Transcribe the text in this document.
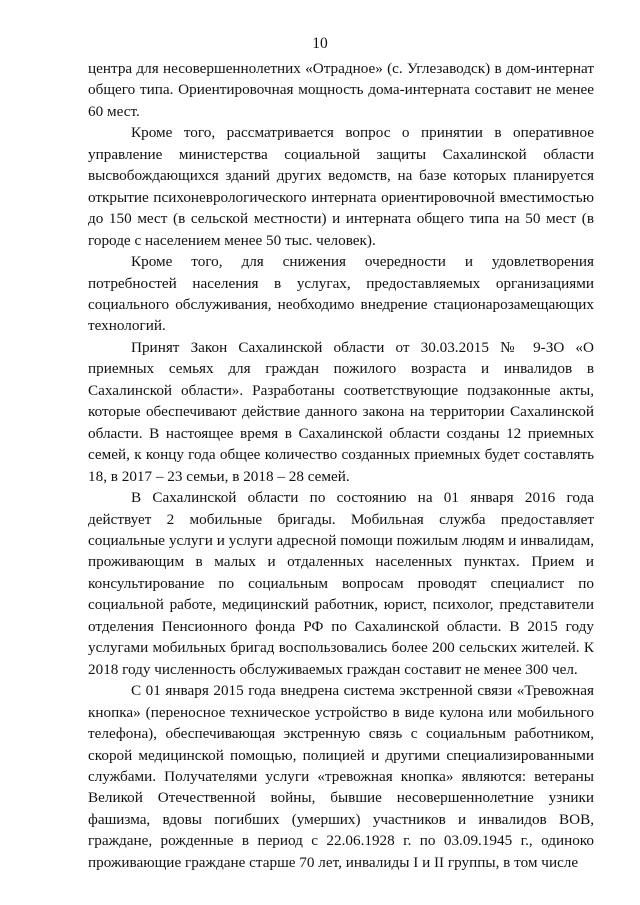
10

центра для несовершеннолетних «Отрадное» (с. Углезаводск) в дом-интернат общего типа. Ориентировочная мощность дома-интерната составит не менее 60 мест.

Кроме того, рассматривается вопрос о принятии в оперативное управление министерства социальной защиты Сахалинской области высвобождающихся зданий других ведомств, на базе которых планируется открытие психоневрологического интерната ориентировочной вместимостью до 150 мест (в сельской местности) и интерната общего типа на 50 мест (в городе с населением менее 50 тыс. человек).

Кроме того, для снижения очередности и удовлетворения потребностей населения в услугах, предоставляемых организациями социального обслуживания, необходимо внедрение стационарозамещающих технологий.

Принят Закон Сахалинской области от 30.03.2015 № 9-ЗО «О приемных семьях для граждан пожилого возраста и инвалидов в Сахалинской области». Разработаны соответствующие подзаконные акты, которые обеспечивают действие данного закона на территории Сахалинской области. В настоящее время в Сахалинской области созданы 12 приемных семей, к концу года общее количество созданных приемных будет составлять 18, в 2017 – 23 семьи, в 2018 – 28 семей.

В Сахалинской области по состоянию на 01 января 2016 года действует 2 мобильные бригады. Мобильная служба предоставляет социальные услуги и услуги адресной помощи пожилым людям и инвалидам, проживающим в малых и отдаленных населенных пунктах. Прием и консультирование по социальным вопросам проводят специалист по социальной работе, медицинский работник, юрист, психолог, представители отделения Пенсионного фонда РФ по Сахалинской области. В 2015 году услугами мобильных бригад воспользовались более 200 сельских жителей. К 2018 году численность обслуживаемых граждан составит не менее 300 чел.

С 01 января 2015 года внедрена система экстренной связи «Тревожная кнопка» (переносное техническое устройство в виде кулона или мобильного телефона), обеспечивающая экстренную связь с социальным работником, скорой медицинской помощью, полицией и другими специализированными службами. Получателями услуги «тревожная кнопка» являются: ветераны Великой Отечественной войны, бывшие несовершеннолетние узники фашизма, вдовы погибших (умерших) участников и инвалидов ВОВ, граждане, рожденные в период с 22.06.1928 г. по 03.09.1945 г., одиноко проживающие граждане старше 70 лет, инвалиды I и II группы, в том числе
